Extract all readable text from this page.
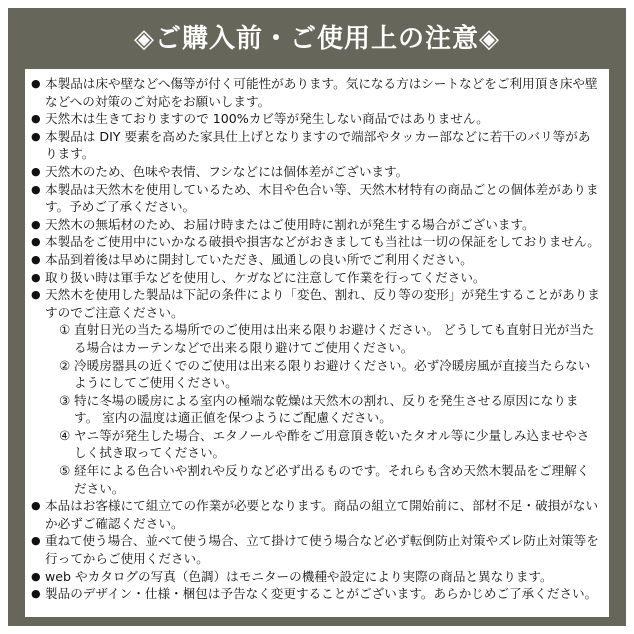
◈ご購入前・ご使用上の注意◈
● 本製品は床や壁などへ傷等が付く可能性があります。気になる方はシートなどをご利用頂き床や壁などへの対策のご対応をお願いします。
● 天然木は生きておりますので 100%カビ等が発生しない商品ではありません。
● 本製品は DIY 要素を高めた家具仕上げとなりますので端部やタッカー部などに若干のバリ等があります。
● 天然木のため、色味や表情、フシなどには個体差がございます。
● 本製品は天然木を使用しているため、木目や色合い等、天然木材特有の商品ごとの個体差があります。予めご了承ください。
● 天然木の無垢材のため、お届け時またはご使用時に割れが発生する場合がございます。
● 本製品をご使用中にいかなる破損や損害などがおきましても当社は一切の保証をしておりません。
● 本品到着後は早めに開封していただき、風通しの良い所でご利用ください。
● 取り扱い時は軍手などを使用し、ケガなどに注意して作業を行ってください。
● 天然木を使用した製品は下記の条件により「変色、割れ、反り等の変形」が発生することがありますのでご注意ください。
① 直射日光の当たる場所でのご使用は出来る限りお避けください。 どうしても直射日光が当たる場合はカーテンなどで出来る限り避けてご使用ください。
② 冷暖房器具の近くでのご使用は出来る限りお避けください。必ず冷暖房風が直接当たらないようにしてご使用ください。
③ 特に冬場の暖房による室内の極端な乾燥は天然木の割れ、反りを発生させる原因になります。 室内の温度は適正値を保つようにご配慮ください。
④ ヤニ等が発生した場合、エタノールや酢をご用意頂き乾いたタオル等に少量しみ込ませやさしく拭き取ってください。
⑤ 経年による色合いや割れや反りなど必ず出るものです。それらも含め天然木製品をご理解ください。
● 本品はお客様にて組立ての作業が必要となります。商品の組立て開始前に、部材不足・破損がないか必ずご確認ください。
● 重ねて使う場合、並べて使う場合、立て掛けて使う場合など必ず転倒防止対策やズレ防止対策等を行ってからご使用ください。
● web やカタログの写真（色調）はモニターの機種や設定により実際の商品と異なります。
● 製品のデザイン・仕様・梱包は予告なく変更することがございます。あらかじめご了承ください。
